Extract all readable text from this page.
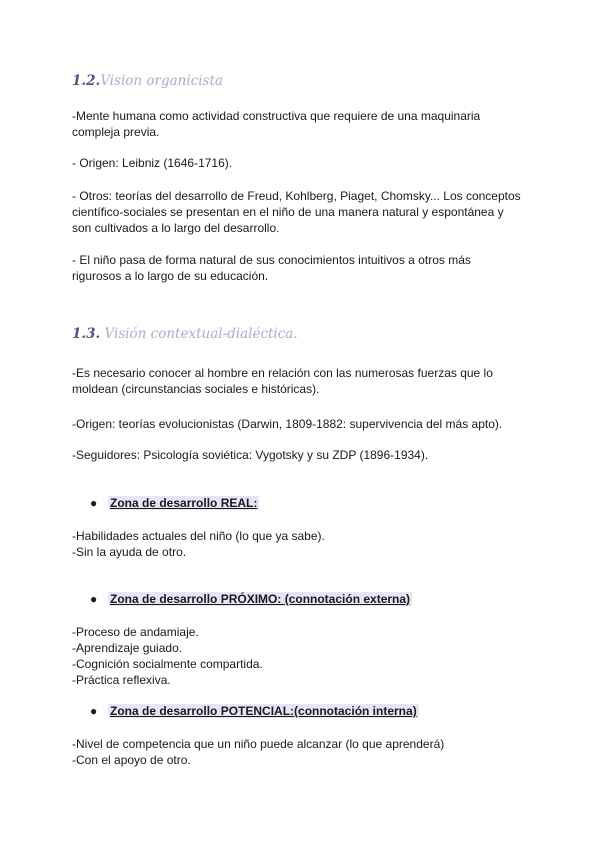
1.2.Vision organicista
-Mente humana como actividad constructiva que requiere de una maquinaria
compleja previa.
- Origen: Leibniz (1646-1716).
- Otros: teorías del desarrollo de Freud, Kohlberg, Piaget, Chomsky... Los conceptos
científico-sociales se presentan en el niño de una manera natural y espontánea y
son cultivados a lo largo del desarrollo.
- El niño pasa de forma natural de sus conocimientos intuitivos a otros más
rigurosos a lo largo de su educación.
1.3. Visión contextual-dialéctica.
-Es necesario conocer al hombre en relación con las numerosas fuerzas que lo
moldean (circunstancias sociales e históricas).
-Origen: teorías evolucionistas (Darwin, 1809-1882: supervivencia del más apto).
-Seguidores: Psicología soviética: Vygotsky y su ZDP (1896-1934).
● Zona de desarrollo REAL:
-Habilidades actuales del niño (lo que ya sabe).
-Sin la ayuda de otro.
● Zona de desarrollo PRÓXIMO: (connotación externa)
-Proceso de andamiaje.
-Aprendizaje guiado.
-Cognición socialmente compartida.
-Práctica reflexiva.
● Zona de desarrollo POTENCIAL:(connotación interna)
-Nivel de competencia que un niño puede alcanzar (lo que aprenderá)
-Con el apoyo de otro.
